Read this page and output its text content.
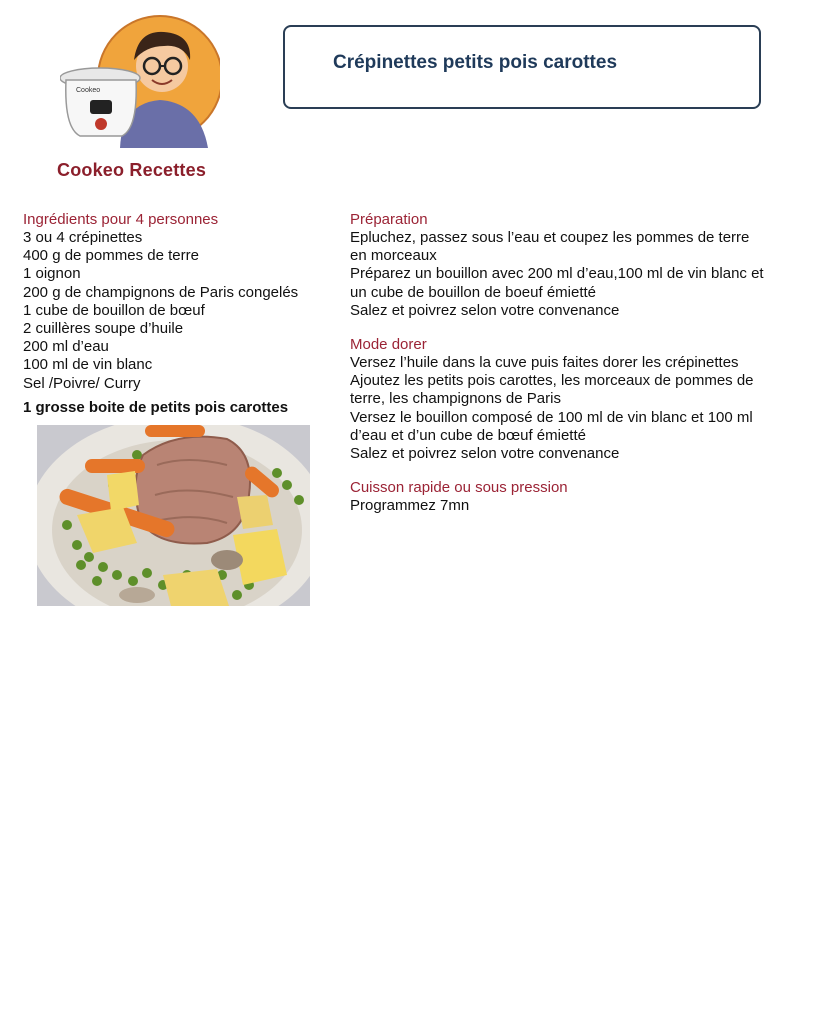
Cookeo
Cookeo Recettes
Crépinettes petits pois carottes
Ingrédients pour 4 personnes
3 ou 4 crépinettes
400 g de pommes de terre
1 oignon
200 g de champignons de Paris congelés
1 cube de bouillon de bœuf
2 cuillères soupe d’huile
200 ml d’eau
100 ml de vin blanc
Sel /Poivre/ Curry
1 grosse boite de petits pois carottes
Préparation
Epluchez, passez sous l’eau et coupez les pommes de terre en morceaux
Préparez un bouillon avec 200 ml d’eau,100 ml de vin blanc et un cube de bouillon de boeuf émietté
Salez et poivrez selon votre convenance
Mode dorer
Versez l’huile dans la cuve puis faites dorer les crépinettes
Ajoutez les petits pois carottes, les morceaux de pommes de terre, les champignons de Paris
Versez le bouillon composé de 100 ml de vin blanc et 100 ml d’eau et d’un cube de bœuf émietté
Salez et poivrez selon votre convenance
Cuisson rapide ou sous pression
Programmez 7mn
